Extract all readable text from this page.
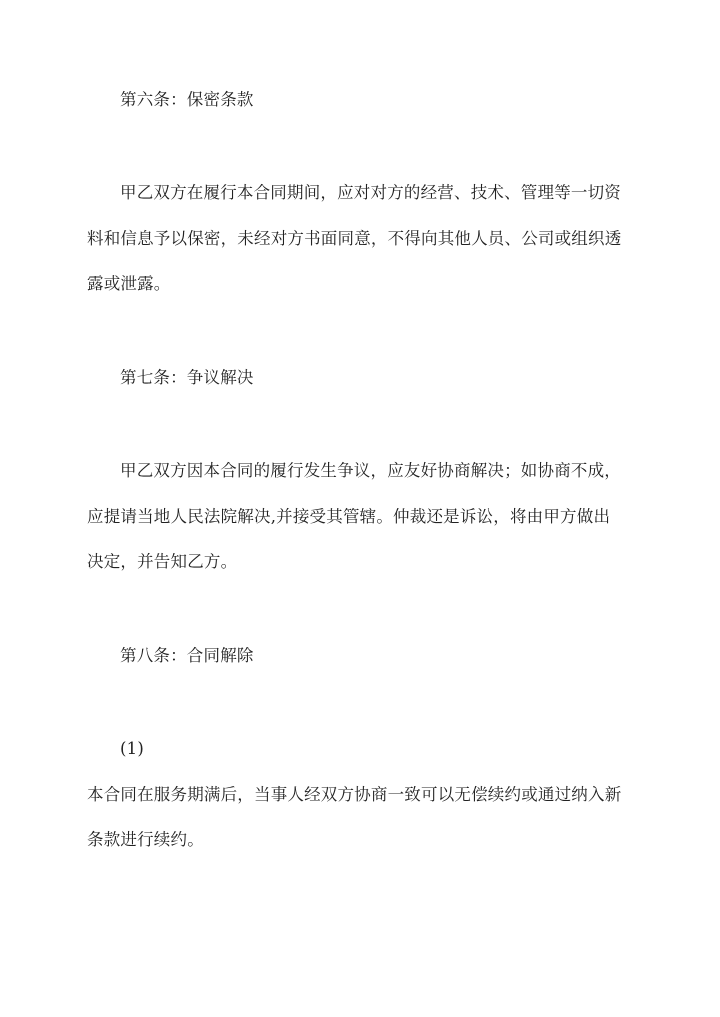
第六条：保密条款
甲乙双方在履行本合同期间，应对对方的经营、技术、管理等一切资
料和信息予以保密，未经对方书面同意，不得向其他人员、公司或组织透
露或泄露。
第七条：争议解决
甲乙双方因本合同的履行发生争议，应友好协商解决；如协商不成，
应提请当地人民法院解决,并接受其管辖。仲裁还是诉讼，将由甲方做出
决定，并告知乙方。
第八条：合同解除
(1)
本合同在服务期满后，当事人经双方协商一致可以无偿续约或通过纳入新
条款进行续约。
